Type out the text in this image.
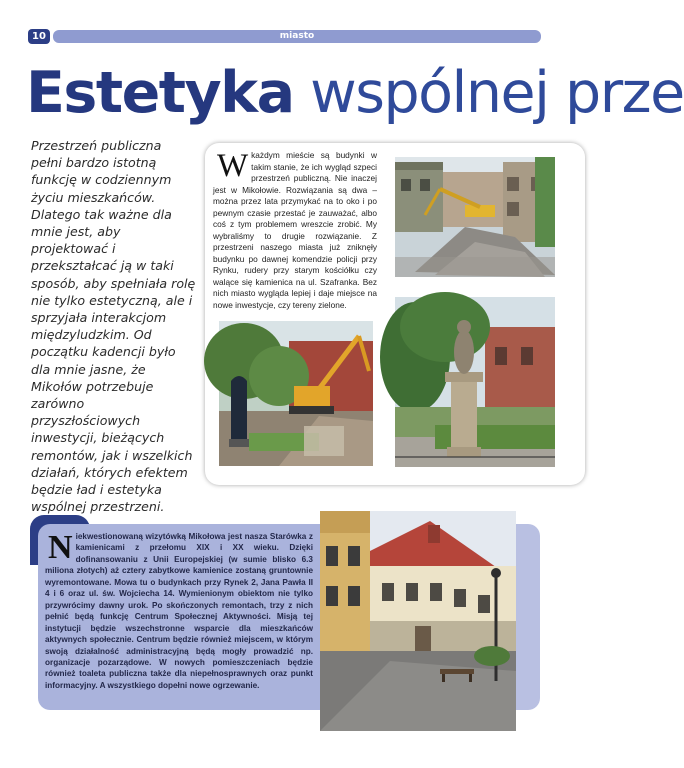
10	miasto
Estetyka wspólnej prze
Przestrzeń publiczna pełni bardzo istotną funkcję w codziennym życiu mieszkańców. Dlatego tak ważne dla mnie jest, aby projektować i przekształcać ją w taki sposób, aby spełniała rolę nie tylko estetyczną, ale i sprzyjała interakcjom międzyludzkim. Od początku kadencji było dla mnie jasne, że Mikołów potrzebuje zarówno przyszłościowych inwestycji, bieżących remontów, jak i wszelkich działań, których efektem będzie ład i estetyka wspólnej przestrzeni.
Wkażdym mieście są budynki w takim stanie, że ich wygląd szpeci przestrzeń publiczną. Nie inaczej jest w Mikołowie. Rozwiązania są dwa – można przez lata przymykać na to oko i po pewnym czasie przestać je zauważać, albo coś z tym problemem wreszcie zrobić. My wybraliśmy to drugie rozwiązanie. Z przestrzeni naszego miasta już zniknęły budynku po dawnej komendzie policji przy Rynku, rudery przy starym kościółku czy walące się kamienica na ul. Szafranka. Bez nich miasto wygląda lepiej i daje miejsce na nowe inwestycje, czy tereny zielone.
Niekwestionowaną wizytówką Mikołowa jest nasza Starówka z kamienicami z przełomu XIX i XX wieku. Dzięki dofinansowaniu z Unii Europejskiej (w sumie blisko 6.3 miliona złotych) aż cztery zabytkowe kamienice zostaną gruntownie wyremontowane. Mowa tu o budynkach przy Rynek 2, Jana Pawła II 4 i 6 oraz ul. św. Wojciecha 14. Wymienionym obiektom nie tylko przywrócimy dawny urok. Po skończonych remontach, trzy z nich pełnić będą funkcję Centrum Społecznej Aktywności. Misją tej instytucji będzie wszechstronne wsparcie dla mieszkańców aktywnych społecznie. Centrum będzie również miejscem, w którym swoją działalność administracyjną będą mogły prowadzić np. organizacje pozarządowe. W nowych pomieszczeniach będzie również toaleta publiczna także dla niepełnosprawnych oraz punkt informacyjny. A wszystkiego dopełni nowe ogrzewanie.
